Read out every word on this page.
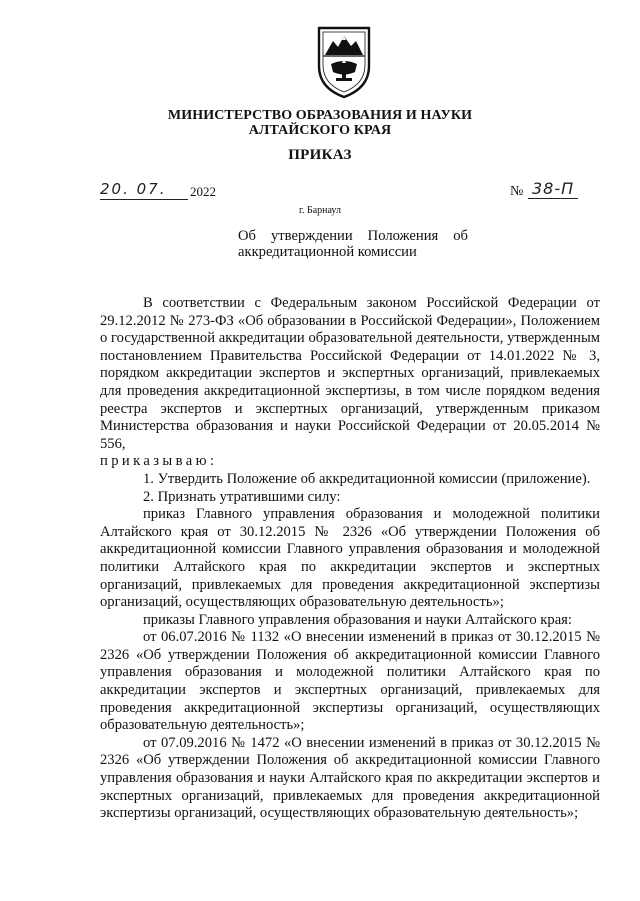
МИНИСТЕРСТВО ОБРАЗОВАНИЯ И НАУКИ
АЛТАЙСКОГО КРАЯ
ПРИКАЗ
20. 07. 2022	№ 38-П
г. Барнаул
Об утверждении Положения об
аккредитационной комиссии

В соответствии с Федеральным законом Российской Федерации от 29.12.2012 № 273-ФЗ «Об образовании в Российской Федерации», Положением о государственной аккредитации образовательной деятельности, утвержденным постановлением Правительства Российской Федерации от 14.01.2022 № 3, порядком аккредитации экспертов и экспертных организаций, привлекаемых для проведения аккредитационной экспертизы, в том числе порядком ведения реестра экспертов и экспертных организаций, утвержденным приказом Министерства образования и науки Российской Федерации от 20.05.2014 № 556,

приказываю:

1. Утвердить Положение об аккредитационной комиссии (приложение).

2. Признать утратившими силу:

приказ Главного управления образования и молодежной политики Алтайского края от 30.12.2015 № 2326 «Об утверждении Положения об аккредитационной комиссии Главного управления образования и молодежной политики Алтайского края по аккредитации экспертов и экспертных организаций, привлекаемых для проведения аккредитационной экспертизы организаций, осуществляющих образовательную деятельность»;

приказы Главного управления образования и науки Алтайского края:

от 06.07.2016 № 1132 «О внесении изменений в приказ от 30.12.2015 № 2326 «Об утверждении Положения об аккредитационной комиссии Главного управления образования и молодежной политики Алтайского края по аккредитации экспертов и экспертных организаций, привлекаемых для проведения аккредитационной экспертизы организаций, осуществляющих образовательную деятельность»;

от 07.09.2016 № 1472 «О внесении изменений в приказ от 30.12.2015 № 2326 «Об утверждении Положения об аккредитационной комиссии Главного управления образования и науки Алтайского края по аккредитации экспертов и экспертных организаций, привлекаемых для проведения аккредитационной экспертизы организаций, осуществляющих образовательную деятельность»;
